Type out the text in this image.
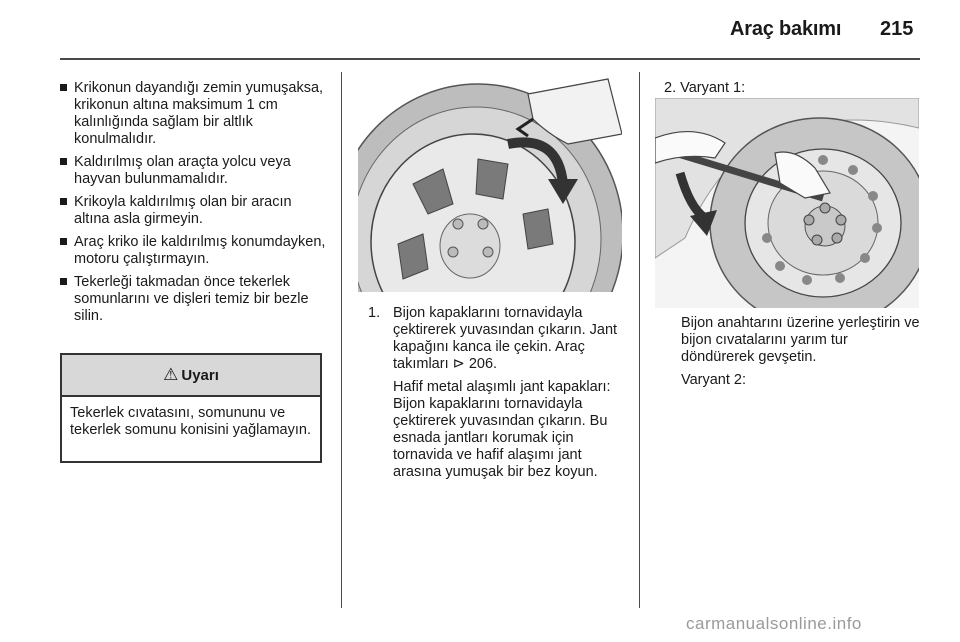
Araç bakımı 215
Krikonun dayandığı zemin yumuşaksa, krikonun altına maksimum 1 cm kalınlığında sağlam bir altlık konulmalıdır.
Kaldırılmış olan araçta yolcu veya hayvan bulunmamalıdır.
Krikoyla kaldırılmış olan bir aracın altına asla girmeyin.
Araç kriko ile kaldırılmış konumdayken, motoru çalıştırmayın.
Tekerleği takmadan önce tekerlek somunlarını ve dişleri temiz bir bezle silin.
⚠ Uyarı
Tekerlek cıvatasını, somununu ve tekerlek somunu konisini yağlamayın.
1. Bijon kapaklarını tornavidayla çektirerek yuvasından çıkarın. Jant kapağını kanca ile çekin. Araç takımları ⊳ 206.

Hafif metal alaşımlı jant kapakları: Bijon kapaklarını tornavidayla çektirerek yuvasından çıkarın. Bu esnada jantları korumak için tornavida ve hafif alaşımı jant arasına yumuşak bir bez koyun.

2. Varyant 1:

Bijon anahtarını üzerine yerleştirin ve bijon cıvatalarını yarım tur döndürerek gevşetin.

Varyant 2:

carmanualsonline.info
